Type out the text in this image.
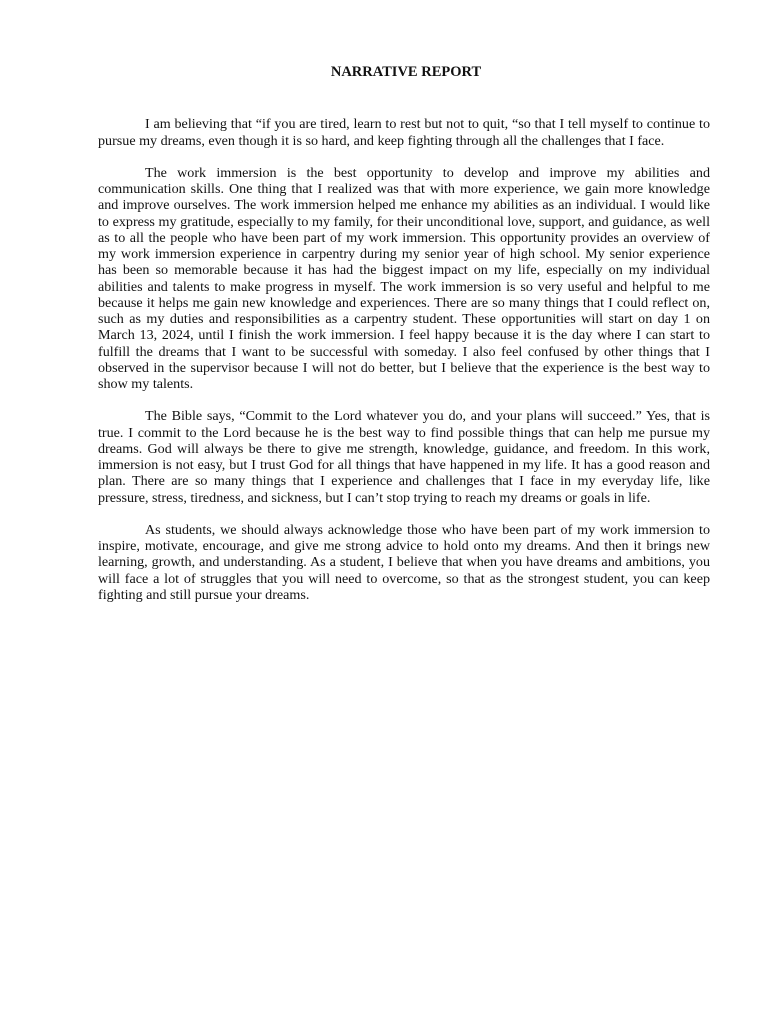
NARRATIVE REPORT

I am believing that “if you are tired, learn to rest but not to quit, “so that I tell myself to continue to pursue my dreams, even though it is so hard, and keep fighting through all the challenges that I face.

The work immersion is the best opportunity to develop and improve my abilities and communication skills. One thing that I realized was that with more experience, we gain more knowledge and improve ourselves. The work immersion helped me enhance my abilities as an individual. I would like to express my gratitude, especially to my family, for their unconditional love, support, and guidance, as well as to all the people who have been part of my work immersion. This opportunity provides an overview of my work immersion experience in carpentry during my senior year of high school. My senior experience has been so memorable because it has had the biggest impact on my life, especially on my individual abilities and talents to make progress in myself. The work immersion is so very useful and helpful to me because it helps me gain new knowledge and experiences. There are so many things that I could reflect on, such as my duties and responsibilities as a carpentry student. These opportunities will start on day 1 on March 13, 2024, until I finish the work immersion. I feel happy because it is the day where I can start to fulfill the dreams that I want to be successful with someday. I also feel confused by other things that I observed in the supervisor because I will not do better, but I believe that the experience is the best way to show my talents.

The Bible says, “Commit to the Lord whatever you do, and your plans will succeed.” Yes, that is true. I commit to the Lord because he is the best way to find possible things that can help me pursue my dreams. God will always be there to give me strength, knowledge, guidance, and freedom. In this work, immersion is not easy, but I trust God for all things that have happened in my life. It has a good reason and plan. There are so many things that I experience and challenges that I face in my everyday life, like pressure, stress, tiredness, and sickness, but I can’t stop trying to reach my dreams or goals in life.

As students, we should always acknowledge those who have been part of my work immersion to inspire, motivate, encourage, and give me strong advice to hold onto my dreams. And then it brings new learning, growth, and understanding. As a student, I believe that when you have dreams and ambitions, you will face a lot of struggles that you will need to overcome, so that as the strongest student, you can keep fighting and still pursue your dreams.
